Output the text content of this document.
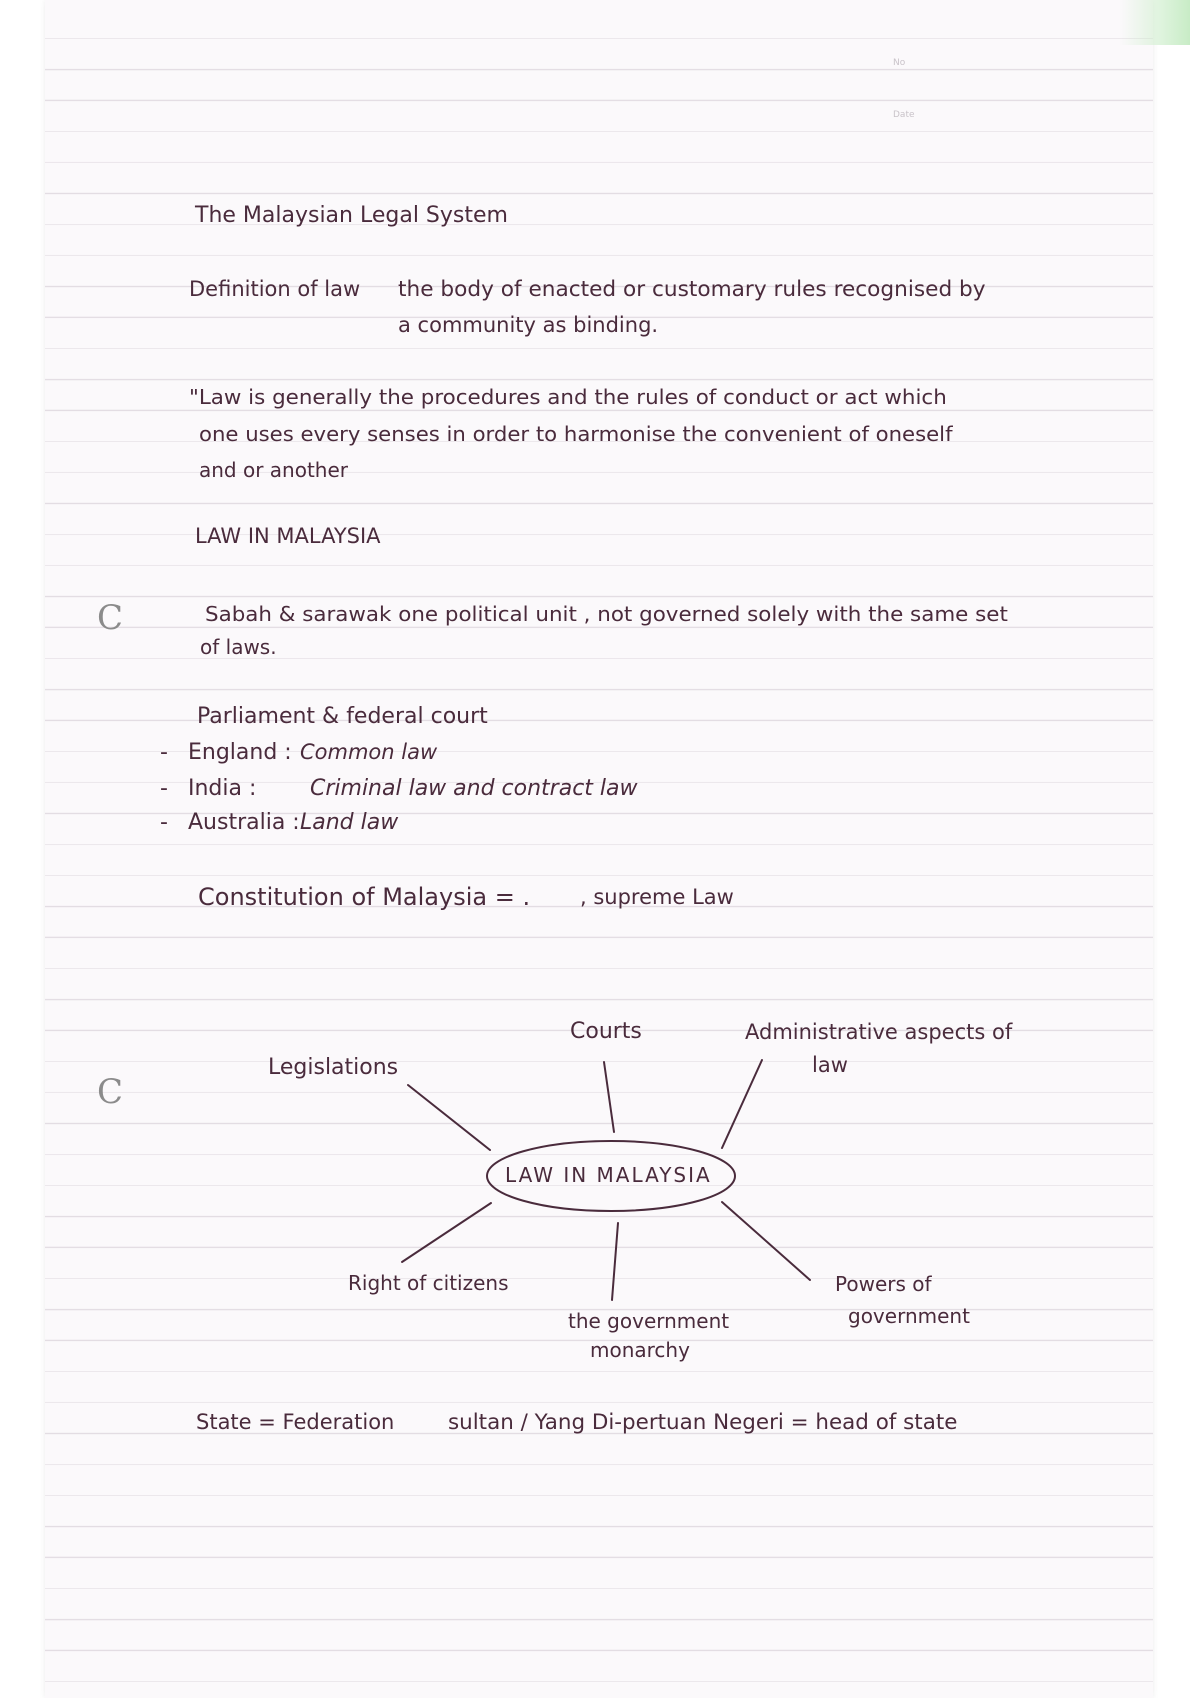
No
Date
The Malaysian Legal System
Definition of law the body of enacted or customary rules recognised by
a community as binding.
"Law is generally the procedures and the rules of conduct or act which
one uses every senses in order to harmonise the convenient of oneself
and or another
LAW IN MALAYSIA
C	Sabah & sarawak one political unit , not governed solely with the same set
of laws.
Parliament & federal court
- England : Common law
- India : Criminal law and contract law
- Australia : Land law
Constitution of Malaysia = . , supreme Law
LAW IN MALAYSIA
Legislations
Courts	Administrative aspects of
law
Right of citizens
the government
monarchy
Powers of
government
C
State = Federation	sultan / Yang Di-pertuan Negeri = head of state
